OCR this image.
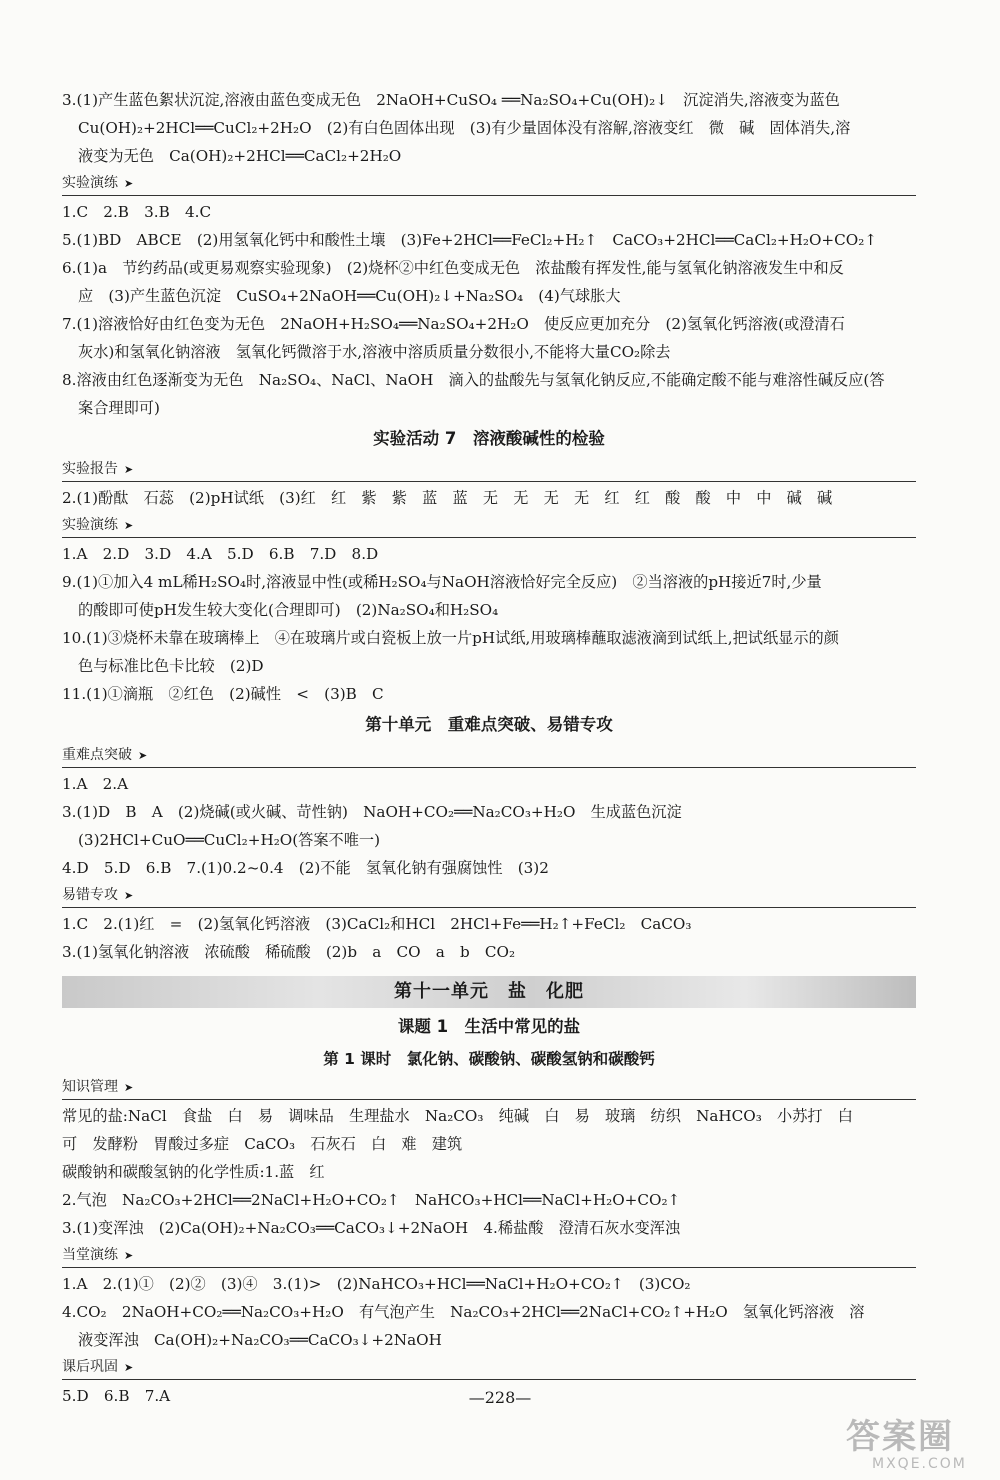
3.(1)产生蓝色絮状沉淀,溶液由蓝色变成无色　2NaOH+CuSO₄ ══Na₂SO₄+Cu(OH)₂↓　沉淀消失,溶液变为蓝色
Cu(OH)₂+2HCl══CuCl₂+2H₂O　(2)有白色固体出现　(3)有少量固体没有溶解,溶液变红　微　碱　固体消失,溶
液变为无色　Ca(OH)₂+2HCl══CaCl₂+2H₂O
实验演练 ➤
1.C　2.B　3.B　4.C
5.(1)BD　ABCE　(2)用氢氧化钙中和酸性土壤　(3)Fe+2HCl══FeCl₂+H₂↑　CaCO₃+2HCl══CaCl₂+H₂O+CO₂↑
6.(1)a　节约药品(或更易观察实验现象)　(2)烧杯②中红色变成无色　浓盐酸有挥发性,能与氢氧化钠溶液发生中和反
应　(3)产生蓝色沉淀　CuSO₄+2NaOH══Cu(OH)₂↓+Na₂SO₄　(4)气球胀大
7.(1)溶液恰好由红色变为无色　2NaOH+H₂SO₄══Na₂SO₄+2H₂O　使反应更加充分　(2)氢氧化钙溶液(或澄清石
灰水)和氢氧化钠溶液　氢氧化钙微溶于水,溶液中溶质质量分数很小,不能将大量CO₂除去
8.溶液由红色逐渐变为无色　Na₂SO₄、NaCl、NaOH　滴入的盐酸先与氢氧化钠反应,不能确定酸不能与难溶性碱反应(答
案合理即可)
实验活动 7　溶液酸碱性的检验
实验报告 ➤
2.(1)酚酞　石蕊　(2)pH试纸　(3)红　红　紫　紫　蓝　蓝　无　无　无　无　红　红　酸　酸　中　中　碱　碱
实验演练 ➤
1.A　2.D　3.D　4.A　5.D　6.B　7.D　8.D
9.(1)①加入4 mL稀H₂SO₄时,溶液显中性(或稀H₂SO₄与NaOH溶液恰好完全反应)　②当溶液的pH接近7时,少量
的酸即可使pH发生较大变化(合理即可)　(2)Na₂SO₄和H₂SO₄
10.(1)③烧杯未靠在玻璃棒上　④在玻璃片或白瓷板上放一片pH试纸,用玻璃棒蘸取滤液滴到试纸上,把试纸显示的颜
色与标准比色卡比较　(2)D
11.(1)①滴瓶　②红色　(2)碱性　<　(3)B　C
第十单元　重难点突破、易错专攻
重难点突破 ➤
1.A　2.A
3.(1)D　B　A　(2)烧碱(或火碱、苛性钠)　NaOH+CO₂══Na₂CO₃+H₂O　生成蓝色沉淀
(3)2HCl+CuO══CuCl₂+H₂O(答案不唯一)
4.D　5.D　6.B　7.(1)0.2~0.4　(2)不能　氢氧化钠有强腐蚀性　(3)2
易错专攻 ➤
1.C　2.(1)红　=　(2)氢氧化钙溶液　(3)CaCl₂和HCl　2HCl+Fe══H₂↑+FeCl₂　CaCO₃
3.(1)氢氧化钠溶液　浓硫酸　稀硫酸　(2)b　a　CO　a　b　CO₂
第十一单元　盐　化肥
课题 1　生活中常见的盐
第 1 课时　氯化钠、碳酸钠、碳酸氢钠和碳酸钙
知识管理 ➤
常见的盐:NaCl　食盐　白　易　调味品　生理盐水　Na₂CO₃　纯碱　白　易　玻璃　纺织　NaHCO₃　小苏打　白
可　发酵粉　胃酸过多症　CaCO₃　石灰石　白　难　建筑
碳酸钠和碳酸氢钠的化学性质:1.蓝　红
2.气泡　Na₂CO₃+2HCl══2NaCl+H₂O+CO₂↑　NaHCO₃+HCl══NaCl+H₂O+CO₂↑
3.(1)变浑浊　(2)Ca(OH)₂+Na₂CO₃══CaCO₃↓+2NaOH　4.稀盐酸　澄清石灰水变浑浊
当堂演练 ➤
1.A　2.(1)①　(2)②　(3)④　3.(1)>　(2)NaHCO₃+HCl══NaCl+H₂O+CO₂↑　(3)CO₂
4.CO₂　2NaOH+CO₂══Na₂CO₃+H₂O　有气泡产生　Na₂CO₃+2HCl══2NaCl+CO₂↑+H₂O　氢氧化钙溶液　溶
液变浑浊　Ca(OH)₂+Na₂CO₃══CaCO₃↓+2NaOH
课后巩固 ➤
5.D　6.B　7.A	—228—
答案圈
MXQE.COM
